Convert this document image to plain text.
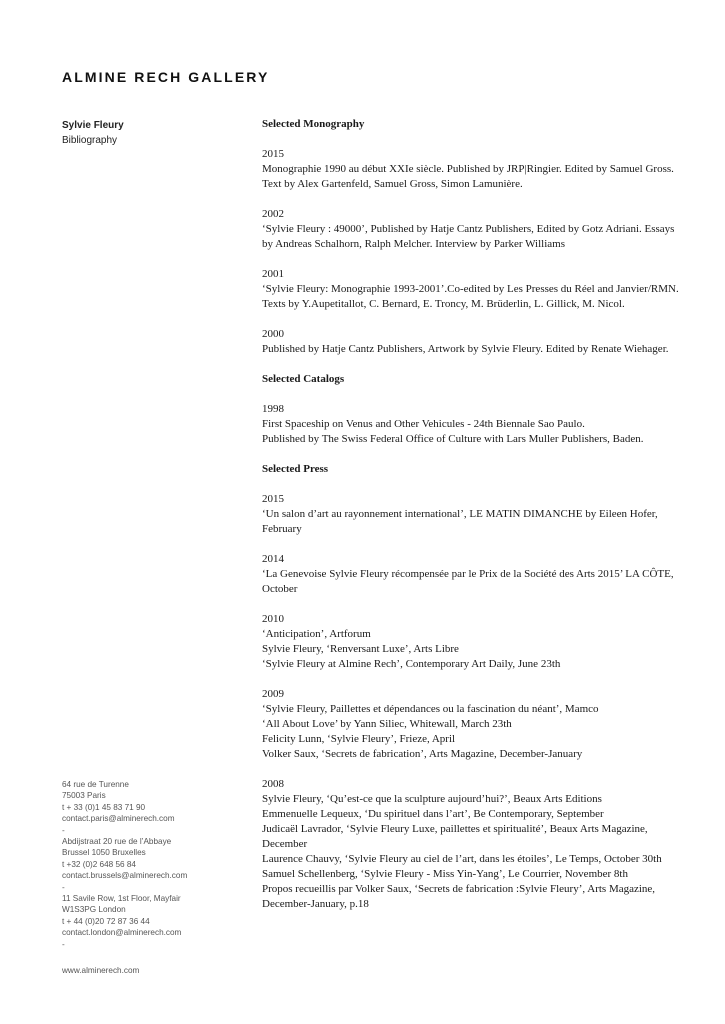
ALMINE RECH GALLERY
Sylvie Fleury
Bibliography
Selected Monography
2015
Monographie 1990 au début XXIe siècle. Published by JRP|Ringier. Edited by Samuel Gross. Text by Alex Gartenfeld, Samuel Gross, Simon Lamunière.
2002
‘Sylvie Fleury : 49000’, Published by Hatje Cantz Publishers, Edited by Gotz Adriani. Essays by Andreas Schalhorn, Ralph Melcher. Interview by Parker Williams
2001
‘Sylvie Fleury: Monographie 1993-2001’.Co-edited by Les Presses du Réel and Janvier/RMN.
Texts by Y.Aupetitallot, C. Bernard, E. Troncy, M. Brüderlin, L. Gillick, M. Nicol.
2000
Published by Hatje Cantz Publishers, Artwork by Sylvie Fleury. Edited by Renate Wiehager.
Selected Catalogs
1998
First Spaceship on Venus and Other Vehicules - 24th Biennale Sao Paulo.
Published by The Swiss Federal Office of Culture with Lars Muller Publishers, Baden.
Selected Press
2015
‘Un salon d’art au rayonnement international’, LE MATIN DIMANCHE by Eileen Hofer, February
2014
‘La Genevoise Sylvie Fleury récompensée par le Prix de la Société des Arts 2015’ LA CÔTE, October
2010
‘Anticipation’, Artforum
Sylvie Fleury, ‘Renversant Luxe’, Arts Libre
‘Sylvie Fleury at Almine Rech’, Contemporary Art Daily, June 23th
2009
‘Sylvie Fleury, Paillettes et dépendances ou la fascination du néant’, Mamco
‘All About Love’ by Yann Siliec, Whitewall, March 23th
Felicity Lunn, ‘Sylvie Fleury’, Frieze, April
Volker Saux, ‘Secrets de fabrication’, Arts Magazine, December-January
2008
Sylvie Fleury, ‘Qu’est-ce que la sculpture aujourd’hui?’, Beaux Arts Editions
Emmenuelle Lequeux, ‘Du spirituel dans l’art’, Be Contemporary, September
Judicaël Lavrador, ‘Sylvie Fleury Luxe, paillettes et spiritualité’, Beaux Arts Magazine, December
Laurence Chauvy, ‘Sylvie Fleury au ciel de l’art, dans les étoiles’, Le Temps, October 30th
Samuel Schellenberg, ‘Sylvie Fleury - Miss Yin-Yang’, Le Courrier, November 8th
Propos recueillis par Volker Saux, ‘Secrets de fabrication :Sylvie Fleury’, Arts Magazine, December-January, p.18
64 rue de Turenne
75003 Paris
t + 33 (0)1 45 83 71 90
contact.paris@alminerech.com
-
Abdijstraat 20 rue de l’Abbaye
Brussel 1050 Bruxelles
t +32 (0)2 648 56 84
contact.brussels@alminerech.com
-
11 Savile Row, 1st Floor, Mayfair
W1S3PG London
t + 44 (0)20 72 87 36 44
contact.london@alminerech.com
-
www.alminerech.com
